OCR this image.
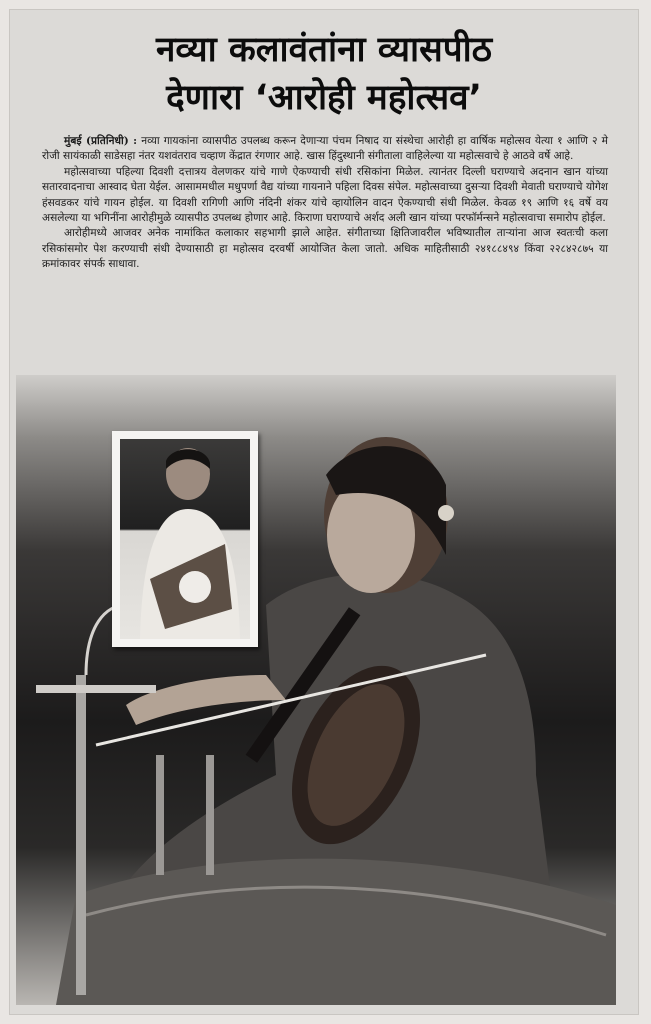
नव्या कलावंतांना व्यासपीठ
देणारा ‘आरोही महोत्सव’

मुंबई (प्रतिनिधी) : नव्या गायकांना व्यासपीठ उपलब्ध करून देणाऱ्या पंचम निषाद या संस्थेचा आरोही हा वार्षिक महोत्सव येत्या १ आणि २ मे रोजी सायंकाळी साडेसहा नंतर यशवंतराव चव्हाण केंद्रात रंगणार आहे. खास हिंदुस्थानी संगीताला वाहिलेल्या या महोत्सवाचे हे आठवे वर्षे आहे.

महोत्सवाच्या पहिल्या दिवशी दत्तात्रय वेलणकर यांचे गाणे ऐकण्याची संधी रसिकांना मिळेल. त्यानंतर दिल्ली घराण्याचे अदनान खान यांच्या सतारवादनाचा आस्वाद घेता येईल. आसाममधील मधुपर्णा वैद्य यांच्या गायनाने पहिला दिवस संपेल. महोत्सवाच्या दुसऱ्या दिवशी मेवाती घराण्याचे योगेश हंसवडकर यांचे गायन होईल. या दिवशी रागिणी आणि नंदिनी शंकर यांचे व्हायोलिन वादन ऐकण्याची संधी मिळेल. केवळ १९ आणि १६ वर्षे वय असलेल्या या भगिनींना आरोहीमुळे व्यासपीठ उपलब्ध होणार आहे. किराणा घराण्याचे अर्शद अली खान यांच्या परफॉर्मन्सने महोत्सवाचा समारोप होईल.

आरोहीमध्ये आजवर अनेक नामांकित कलाकार सहभागी झाले आहेत. संगीताच्या क्षितिजावरील भविष्यातील ताऱ्यांना आज स्वतःची कला रसिकांसमोर पेश करण्याची संधी देण्यासाठी हा महोत्सव दरवर्षी आयोजित केला जातो. अधिक माहितीसाठी २४१८८४९४ किंवा २२८४२८७५ या क्रमांकावर संपर्क साधावा.
